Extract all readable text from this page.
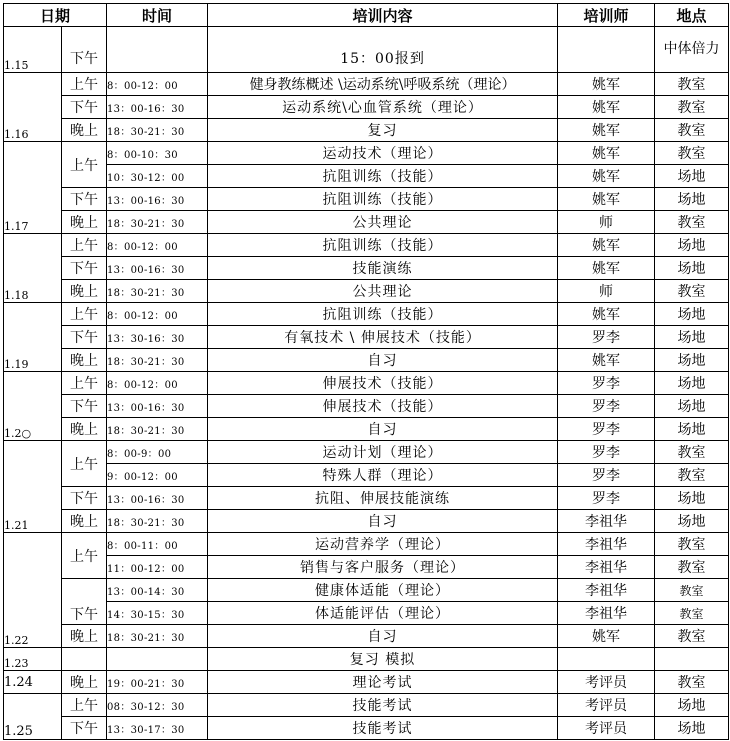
日期		时间	培训内容	培训师	地点
1.15	下午		15：00报到		中体倍力
1.16	上午	8：00-12：00	健身教练概述 \运动系统\呼吸系统（理论）	姚军	教室
	下午	13：00-16：30	运动系统\心血管系统（理论）	姚军	教室
	晚上	18：30-21：30	复习	姚军	教室
1.17	上午	8：00-10：30	运动技术（理论）	姚军	教室
		10：30-12：00	抗阻训练（技能）	姚军	场地
	下午	13：00-16：30	抗阻训练（技能）	姚军	场地
	晚上	18：30-21：30	公共理论	师	教室
1.18	上午	8：00-12：00	抗阻训练（技能）	姚军	场地
	下午	13：00-16：30	技能演练	姚军	场地
	晚上	18：30-21：30	公共理论	师	教室
1.19	上午	8：00-12：00	抗阻训练（技能）	姚军	场地
	下午	13：30-16：30	有氧技术 \ 伸展技术（技能）	罗李	场地
	晚上	18：30-21：30	自习	姚军	场地
1.2○	上午	8：00-12：00	伸展技术（技能）	罗李	场地
	下午	13：00-16：30	伸展技术（技能）	罗李	场地
	晚上	18：30-21：30	自习	罗李	场地
1.21	上午	8：00-9：00	运动计划（理论）	罗李	教室
		9：00-12：00	特殊人群（理论）	罗李	教室
	下午	13：00-16：30	抗阻、伸展技能演练	罗李	场地
	晚上	18：30-21：30	自习	李祖华	场地
1.22	上午	8：00-11：00	运动营养学（理论）	李祖华	教室
		11：00-12：00	销售与客户服务（理论）	李祖华	教室
	下午	13：00-14：30	健康体适能（理论）	李祖华	教室
		14：30-15：30	体适能评估（理论）	李祖华	教室
	晚上	18：30-21：30	自习	姚军	教室
1.23			复习 模拟		
1.24	晚上	19：00-21：30	理论考试	考评员	教室
1.25	上午	08：30-12：30	技能考试	考评员	场地
	下午	13：30-17：30	技能考试	考评员	场地
